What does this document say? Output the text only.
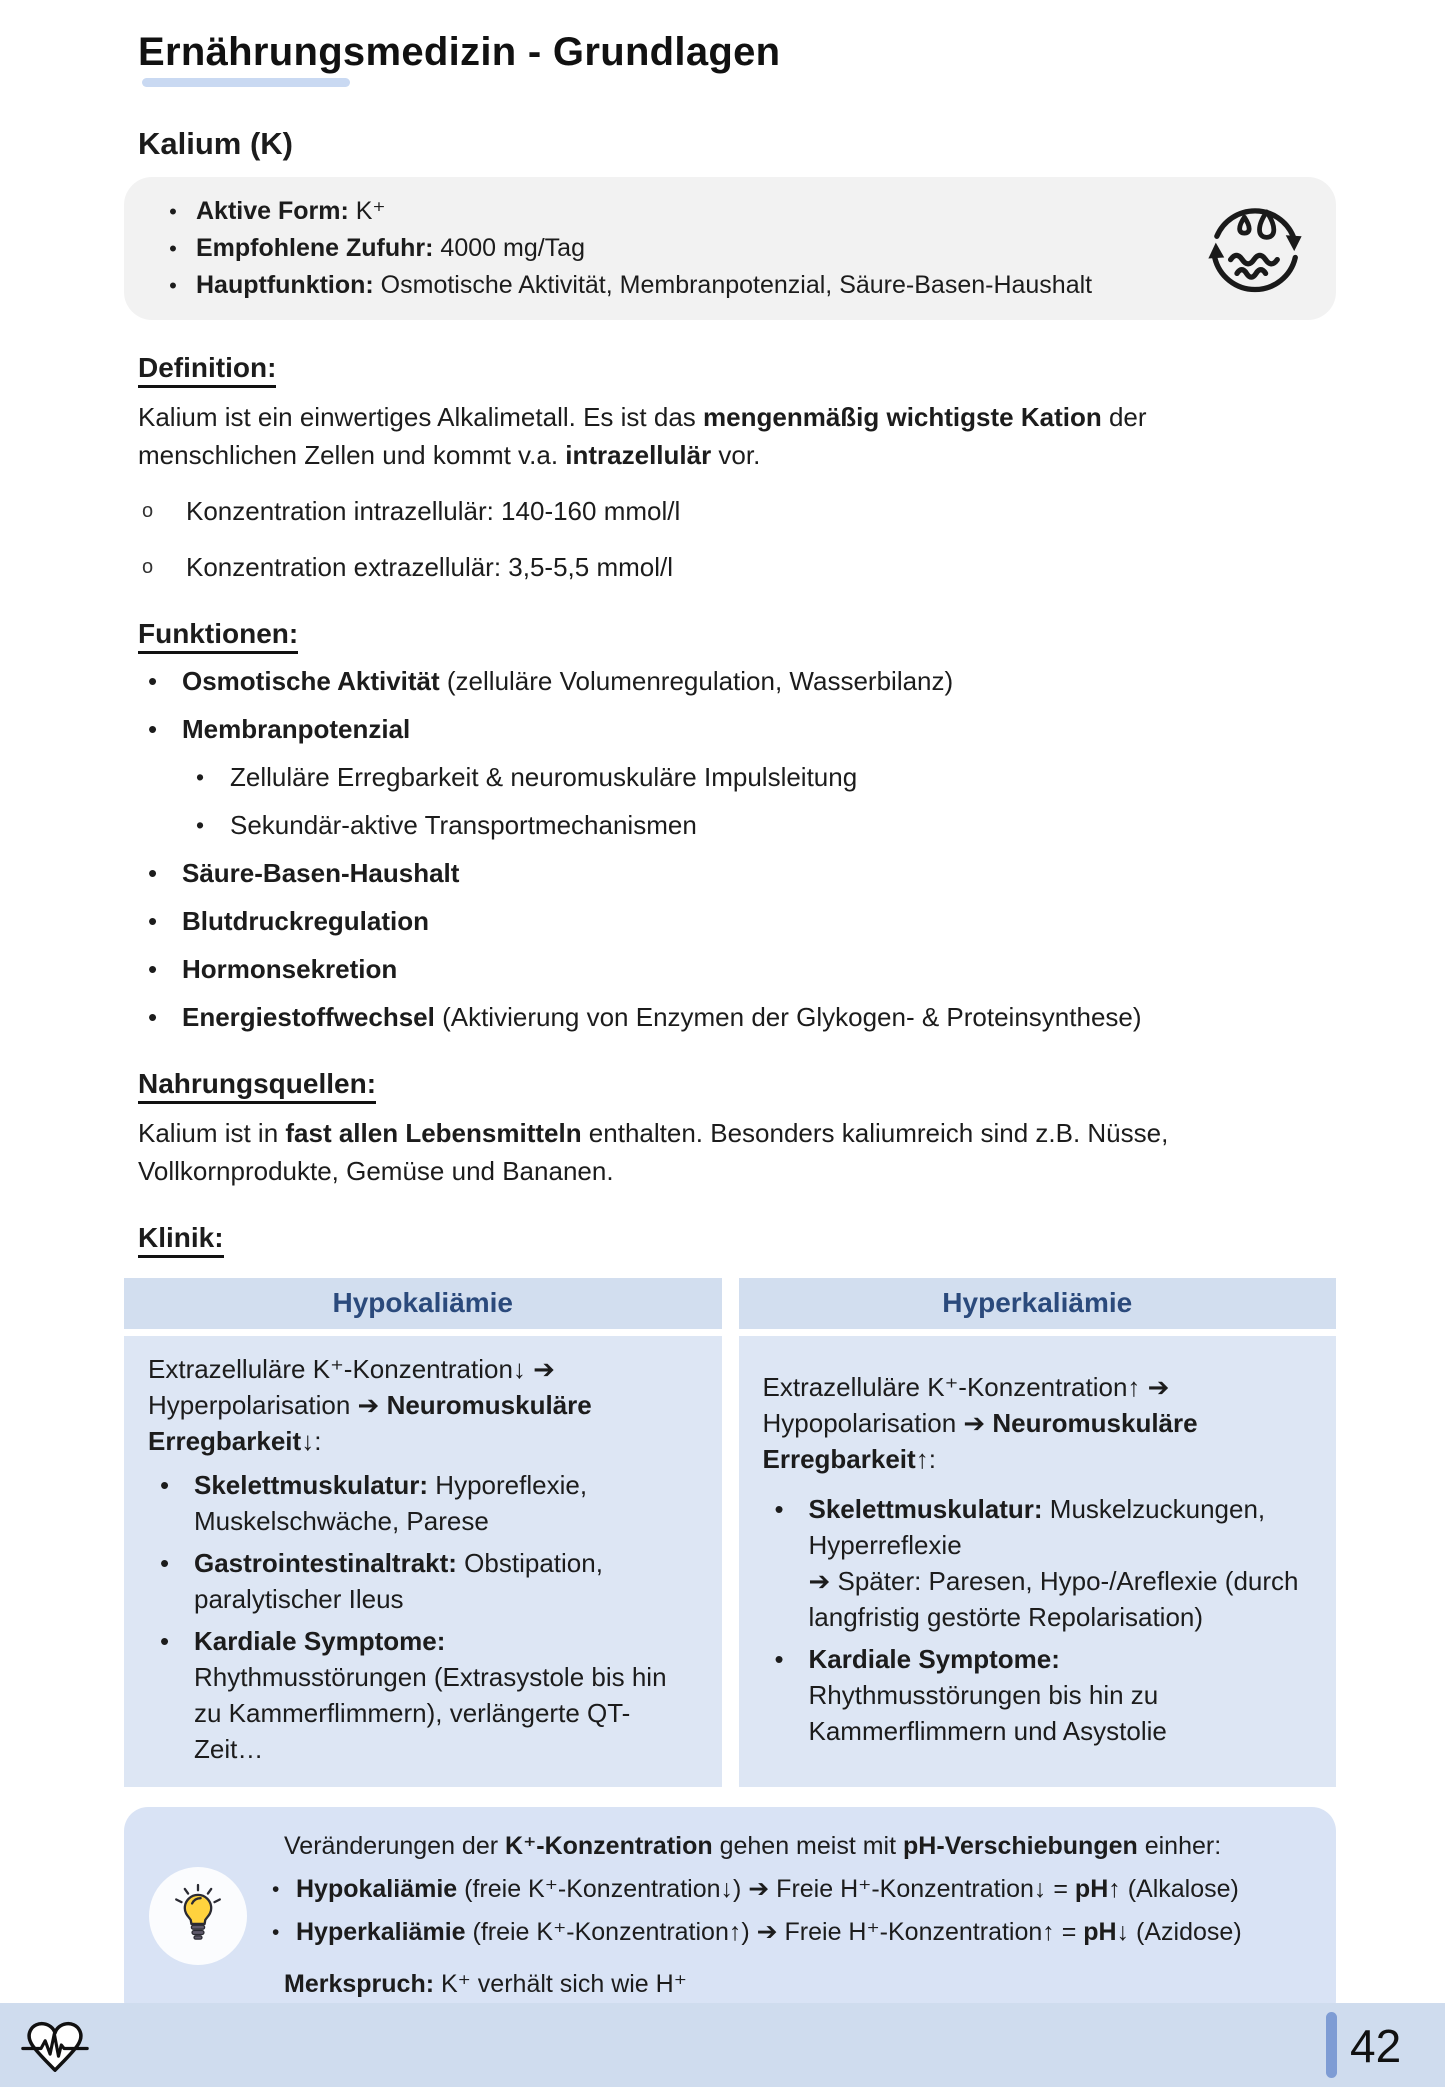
Ernährungsmedizin - Grundlagen
Kalium (K)
• Aktive Form: K⁺
• Empfohlene Zufuhr: 4000 mg/Tag
• Hauptfunktion: Osmotische Aktivität, Membranpotenzial, Säure-Basen-Haushalt
Definition:

Kalium ist ein einwertiges Alkalimetall. Es ist das mengenmäßig wichtigste Kation der menschlichen Zellen und kommt v.a. intrazellulär vor.

o	Konzentration intrazellulär: 140-160 mmol/l
o	Konzentration extrazellulär: 3,5-5,5 mmol/l
Funktionen:
• Osmotische Aktivität (zelluläre Volumenregulation, Wasserbilanz)
• Membranpotenzial
• Zelluläre Erregbarkeit & neuromuskuläre Impulsleitung
• Sekundär-aktive Transportmechanismen
• Säure-Basen-Haushalt
• Blutdruckregulation
• Hormonsekretion
• Energiestoffwechsel (Aktivierung von Enzymen der Glykogen- & Proteinsynthese)
Nahrungsquellen:

Kalium ist in fast allen Lebensmitteln enthalten. Besonders kaliumreich sind z.B. Nüsse, Vollkornprodukte, Gemüse und Bananen.

Klinik:
Hypokaliämie
Extrazelluläre K⁺-Konzentration↓ ➔ Hyperpolarisation ➔ Neuromuskuläre Erregbarkeit↓:
• Skelettmuskulatur: Hyporeflexie, Muskelschwäche, Parese
• Gastrointestinaltrakt: Obstipation, paralytischer Ileus
• Kardiale Symptome:
Rhythmusstörungen (Extrasystole bis hin zu Kammerflimmern), verlängerte QT-Zeit…
Hyperkaliämie
Extrazelluläre K⁺-Konzentration↑ ➔ Hypopolarisation ➔ Neuromuskuläre Erregbarkeit↑:
• Skelettmuskulatur: Muskelzuckungen, Hyperreflexie
➔ Später: Paresen, Hypo-/Areflexie (durch langfristig gestörte Repolarisation)
• Kardiale Symptome:
Rhythmusstörungen bis hin zu Kammerflimmern und Asystolie
Veränderungen der K⁺-Konzentration gehen meist mit pH-Verschiebungen einher:
• Hypokaliämie (freie K⁺-Konzentration↓) ➔ Freie H⁺-Konzentration↓ = pH↑ (Alkalose)
• Hyperkaliämie (freie K⁺-Konzentration↑) ➔ Freie H⁺-Konzentration↑ = pH↓ (Azidose)
Merkspruch: K⁺ verhält sich wie H⁺
42
